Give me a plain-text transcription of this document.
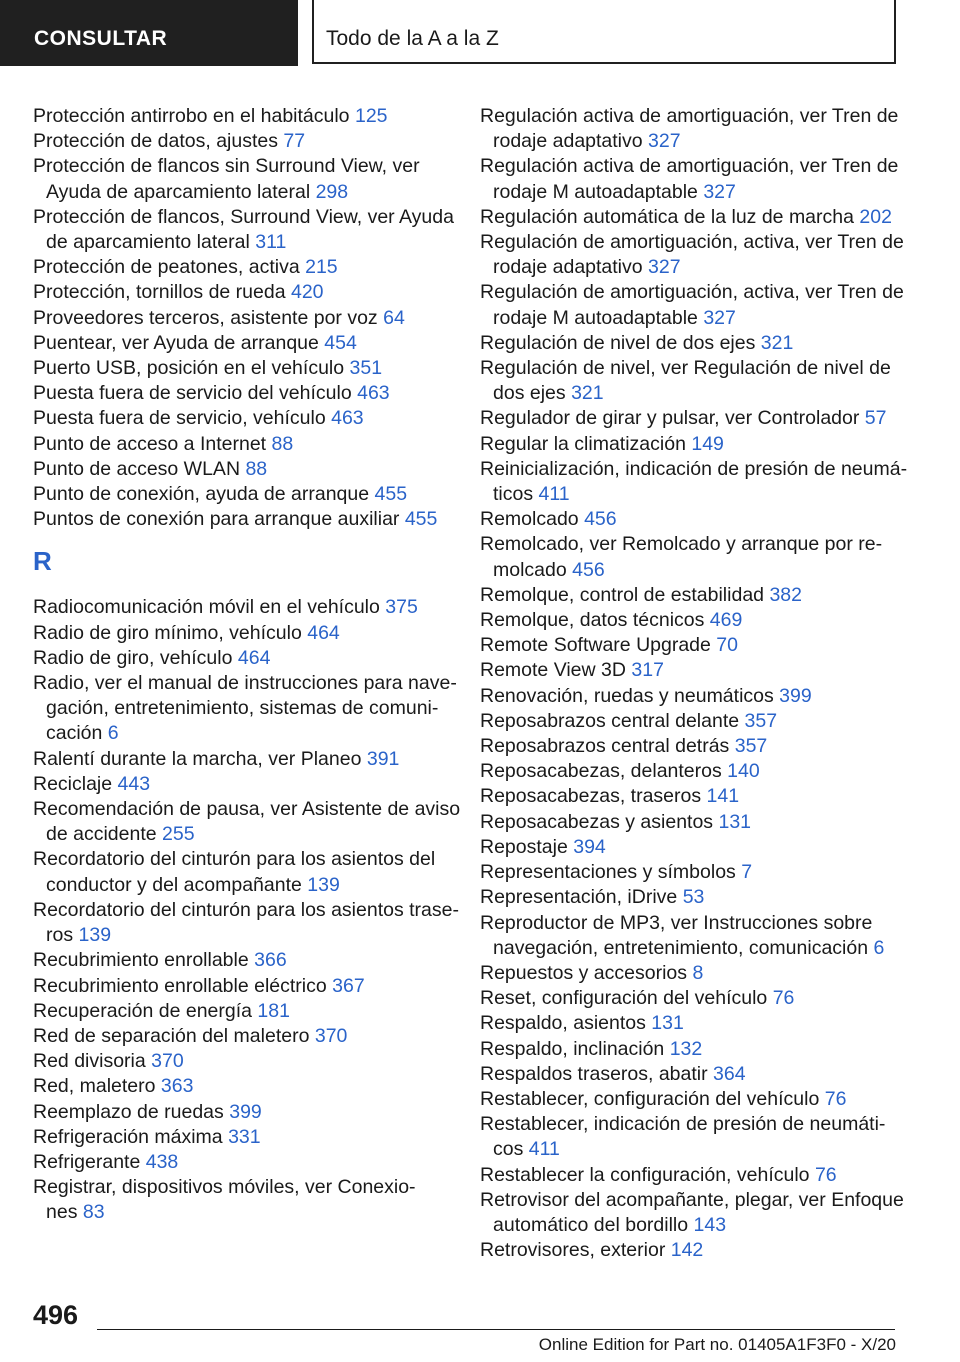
CONSULTAR	Todo de la A a la Z
Protección antirrobo en el habitáculo 125
Protección de datos, ajustes 77
Protección de flancos sin Surround View, ver
Ayuda de aparcamiento lateral 298
Protección de flancos, Surround View, ver Ayuda
de aparcamiento lateral 311
Protección de peatones, activa 215
Protección, tornillos de rueda 420
Proveedores terceros, asistente por voz 64
Puentear, ver Ayuda de arranque 454
Puerto USB, posición en el vehículo 351
Puesta fuera de servicio del vehículo 463
Puesta fuera de servicio, vehículo 463
Punto de acceso a Internet 88
Punto de acceso WLAN 88
Punto de conexión, ayuda de arranque 455
Puntos de conexión para arranque auxiliar 455
R
Radiocomunicación móvil en el vehículo 375
Radio de giro mínimo, vehículo 464
Radio de giro, vehículo 464
Radio, ver el manual de instrucciones para nave-
gación, entretenimiento, sistemas de comuni-
cación 6
Ralentí durante la marcha, ver Planeo 391
Reciclaje 443
Recomendación de pausa, ver Asistente de aviso
de accidente 255
Recordatorio del cinturón para los asientos del
conductor y del acompañante 139
Recordatorio del cinturón para los asientos trase-
ros 139
Recubrimiento enrollable 366
Recubrimiento enrollable eléctrico 367
Recuperación de energía 181
Red de separación del maletero 370
Red divisoria 370
Red, maletero 363
Reemplazo de ruedas 399
Refrigeración máxima 331
Refrigerante 438
Registrar, dispositivos móviles, ver Conexio-
nes 83
Regulación activa de amortiguación, ver Tren de
rodaje adaptativo 327
Regulación activa de amortiguación, ver Tren de
rodaje M autoadaptable 327
Regulación automática de la luz de marcha 202
Regulación de amortiguación, activa, ver Tren de
rodaje adaptativo 327
Regulación de amortiguación, activa, ver Tren de
rodaje M autoadaptable 327
Regulación de nivel de dos ejes 321
Regulación de nivel, ver Regulación de nivel de
dos ejes 321
Regulador de girar y pulsar, ver Controlador 57
Regular la climatización 149
Reinicialización, indicación de presión de neumá-
ticos 411
Remolcado 456
Remolcado, ver Remolcado y arranque por re-
molcado 456
Remolque, control de estabilidad 382
Remolque, datos técnicos 469
Remote Software Upgrade 70
Remote View 3D 317
Renovación, ruedas y neumáticos 399
Reposabrazos central delante 357
Reposabrazos central detrás 357
Reposacabezas, delanteros 140
Reposacabezas, traseros 141
Reposacabezas y asientos 131
Repostaje 394
Representaciones y símbolos 7
Representación, iDrive 53
Reproductor de MP3, ver Instrucciones sobre
navegación, entretenimiento, comunicación 6
Repuestos y accesorios 8
Reset, configuración del vehículo 76
Respaldo, asientos 131
Respaldo, inclinación 132
Respaldos traseros, abatir 364
Restablecer, configuración del vehículo 76
Restablecer, indicación de presión de neumáti-
cos 411
Restablecer la configuración, vehículo 76
Retrovisor del acompañante, plegar, ver Enfoque
automático del bordillo 143
Retrovisores, exterior 142
496
Online Edition for Part no. 01405A1F3F0 - X/20
